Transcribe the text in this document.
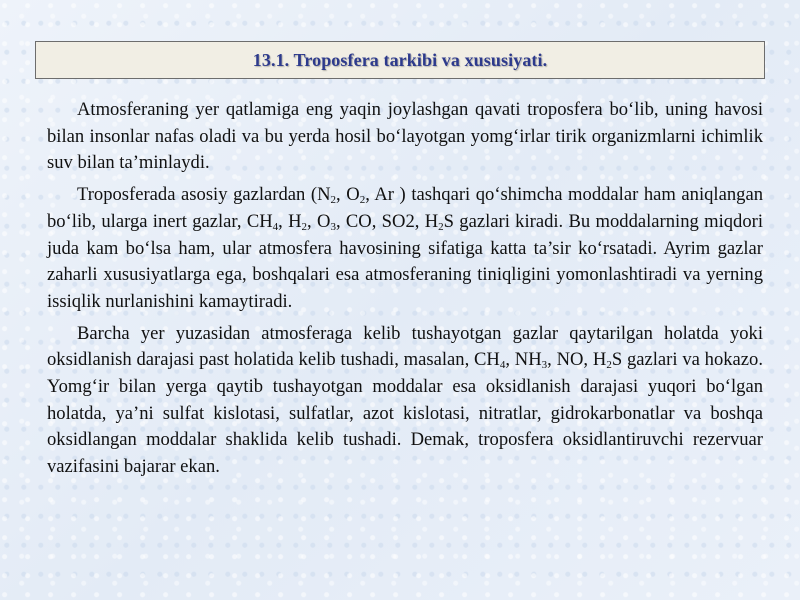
13.1. Troposfera tarkibi va xususiyati.

Atmosferaning yer qatlamiga eng yaqin joylashgan qavati troposfera bo‘lib, uning havosi bilan insonlar nafas oladi va bu yerda hosil bo‘layotgan yomg‘irlar tirik organizmlarni ichimlik suv bilan ta’minlaydi.

Troposferada asosiy gazlardan ($N_2$, $O_2$, Ar ) tashqari qo‘shimcha moddalar ham aniqlangan bo‘lib, ularga inert gazlar, $CH_4$, $H_2$, $O_3$, CO, SO2, $H_2S$ gazlari kiradi. Bu moddalarning miqdori juda kam bo‘lsa ham, ular atmosfera havosining sifatiga katta ta’sir ko‘rsatadi. Ayrim gazlar zaharli xususiyatlarga ega, boshqalari esa atmosferaning tiniqligini yomonlashtiradi va yerning issiqlik nurlanishini kamaytiradi.

Barcha yer yuzasidan atmosferaga kelib tushayotgan gazlar qaytarilgan holatda yoki oksidlanish darajasi past holatida kelib tushadi, masalan, $CH_4$, $NH_3$, NO, $H_2S$ gazlari va hokazo. Yomg‘ir bilan yerga qaytib tushayotgan moddalar esa oksidlanish darajasi yuqori bo‘lgan holatda, ya’ni sulfat kislotasi, sulfatlar, azot kislotasi, nitratlar, gidrokarbonatlar va boshqa oksidlangan moddalar shaklida kelib tushadi. Demak, troposfera oksidlantiruvchi rezervuar vazifasini bajarar ekan.
